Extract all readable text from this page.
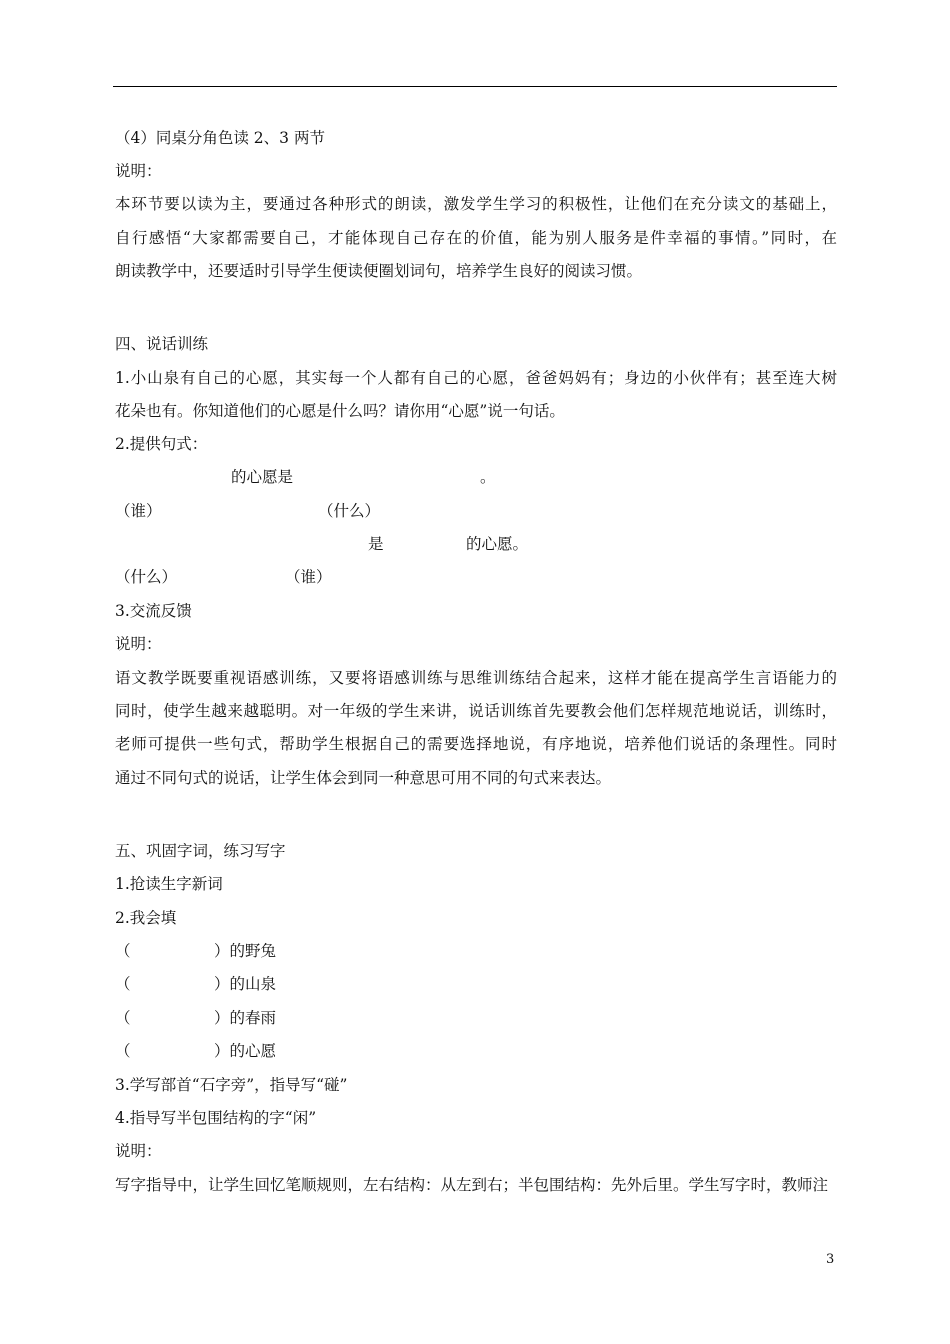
（4）同桌分角色读 2、3 两节
说明：
本环节要以读为主，要通过各种形式的朗读，激发学生学习的积极性，让他们在充分读文的基础上，
自行感悟“大家都需要自己，才能体现自己存在的价值，能为别人服务是件幸福的事情。”同时，在
朗读教学中，还要适时引导学生便读便圈划词句，培养学生良好的阅读习惯。
四、说话训练
1.小山泉有自己的心愿，其实每一个人都有自己的心愿，爸爸妈妈有；身边的小伙伴有；甚至连大树
花朵也有。你知道他们的心愿是什么吗？请你用“心愿”说一句话。
2.提供句式：
的心愿是	。
（谁）	（什么）
是	的心愿。
（什么）	（谁）
3.交流反馈
说明：
语文教学既要重视语感训练，又要将语感训练与思维训练结合起来，这样才能在提高学生言语能力的
同时，使学生越来越聪明。对一年级的学生来讲，说话训练首先要教会他们怎样规范地说话，训练时，
老师可提供一些句式，帮助学生根据自己的需要选择地说，有序地说，培养他们说话的条理性。同时
通过不同句式的说话，让学生体会到同一种意思可用不同的句式来表达。
五、巩固字词，练习写字
1.抢读生字新词
2.我会填
（	）的野兔
（	）的山泉
（	）的春雨
（	）的心愿
3.学写部首“石字旁”，指导写“碰”
4.指导写半包围结构的字“闲”
说明：
写字指导中，让学生回忆笔顺规则，左右结构：从左到右；半包围结构：先外后里。学生写字时，教师注
3
